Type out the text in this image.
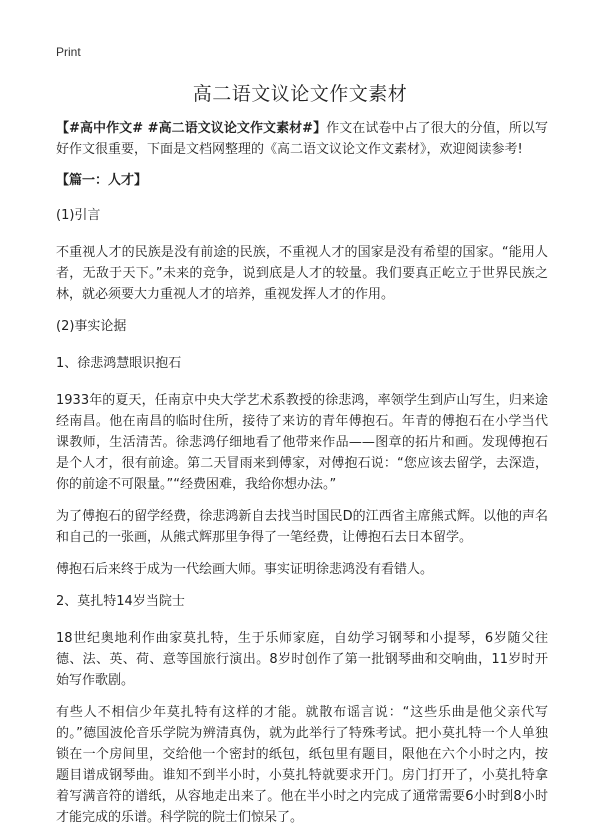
Print
高二语文议论文作文素材

【#高中作文# #高二语文议论文作文素材#】作文在试卷中占了很大的分值，所以写好作文很重要，下面是文档网整理的《高二语文议论文作文素材》，欢迎阅读参考!

【篇一：人才】

(1)引言

不重视人才的民族是没有前途的民族，不重视人才的国家是没有希望的国家。“能用人者，无敌于天下。”未来的竞争，说到底是人才的较量。我们要真正屹立于世界民族之林，就必须要大力重视人才的培养，重视发挥人才的作用。

(2)事实论据

1、徐悲鸿慧眼识抱石

1933年的夏天，任南京中央大学艺术系教授的徐悲鸿，率领学生到庐山写生，归来途经南昌。他在南昌的临时住所，接待了来访的青年傅抱石。年青的傅抱石在小学当代课教师，生活清苦。徐悲鸿仔细地看了他带来作品——图章的拓片和画。发现傅抱石是个人才，很有前途。第二天冒雨来到傅家，对傅抱石说：“您应该去留学，去深造，你的前途不可限量。”“经费困难，我给你想办法。”

为了傅抱石的留学经费，徐悲鸿新自去找当时国民D的江西省主席熊式辉。以他的声名和自己的一张画，从熊式辉那里争得了一笔经费，让傅抱石去日本留学。

傅抱石后来终于成为一代绘画大师。事实证明徐悲鸿没有看错人。

2、莫扎特14岁当院士

18世纪奥地利作曲家莫扎特，生于乐师家庭，自幼学习钢琴和小提琴，6岁随父往德、法、英、荷、意等国旅行演出。8岁时创作了第一批钢琴曲和交响曲，11岁时开始写作歌剧。

有些人不相信少年莫扎特有这样的才能。就散布谣言说：“这些乐曲是他父亲代写的。”德国波伦音乐学院为辨清真伪，就为此举行了特殊考试。把小莫扎特一个人单独锁在一个房间里，交给他一个密封的纸包，纸包里有题目，限他在六个小时之内，按题目谱成钢琴曲。谁知不到半小时，小莫扎特就要求开门。房门打开了，小莫扎特拿着写满音符的谱纸，从容地走出来了。他在半小时之内完成了通常需要6小时到8小时才能完成的乐谱。科学院的院士们惊呆了。
